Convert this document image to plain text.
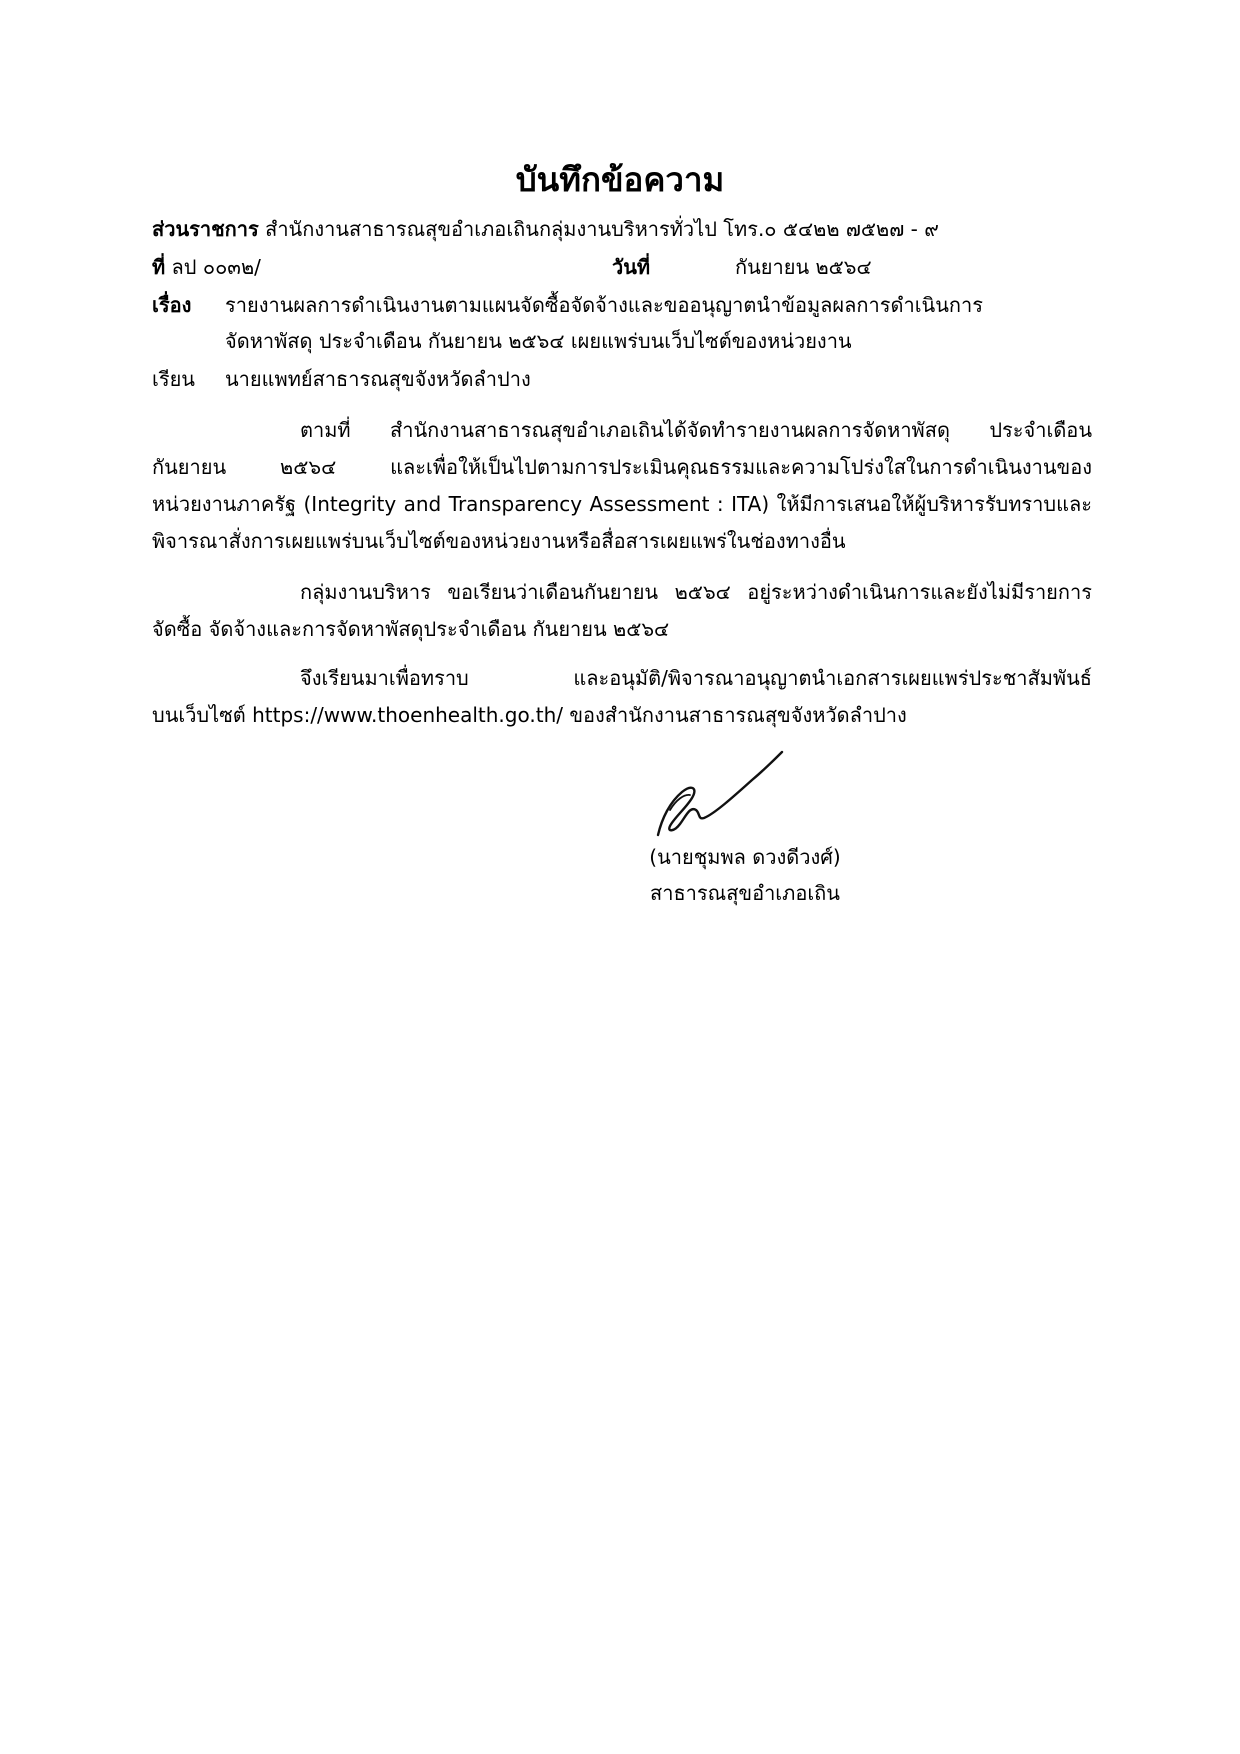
บันทึกข้อความ
ส่วนราชการ สำนักงานสาธารณสุขอำเภอเถินกลุ่มงานบริหารทั่วไป โทร.๐ ๕๔๒๒ ๗๕๒๗ - ๙
ที่ ลป ๐๐๓๒/	วันที่	กันยายน ๒๕๖๔
เรื่อง รายงานผลการดำเนินงานตามแผนจัดซื้อจัดจ้างและขออนุญาตนำข้อมูลผลการดำเนินการ
จัดหาพัสดุ ประจำเดือน กันยายน ๒๕๖๔ เผยแพร่บนเว็บไซต์ของหน่วยงาน
เรียน นายแพทย์สาธารณสุขจังหวัดลำปาง
ตามที่ สำนักงานสาธารณสุขอำเภอเถินได้จัดทำรายงานผลการจัดหาพัสดุ ประจำเดือน
กันยายน ๒๕๖๔ และเพื่อให้เป็นไปตามการประเมินคุณธรรมและความโปร่งใสในการดำเนินงานของ
หน่วยงานภาครัฐ (Integrity and Transparency Assessment : ITA) ให้มีการเสนอให้ผู้บริหารรับทราบและ
พิจารณาสั่งการเผยแพร่บนเว็บไซต์ของหน่วยงานหรือสื่อสารเผยแพร่ในช่องทางอื่น
กลุ่มงานบริหาร ขอเรียนว่าเดือนกันยายน ๒๕๖๔ อยู่ระหว่างดำเนินการและยังไม่มีรายการ
จัดซื้อ จัดจ้างและการจัดหาพัสดุประจำเดือน กันยายน ๒๕๖๔
จึงเรียนมาเพื่อทราบ และอนุมัติ/พิจารณาอนุญาตนำเอกสารเผยแพร่ประชาสัมพันธ์
บนเว็บไซต์ https://www.thoenhealth.go.th/ ของสำนักงานสาธารณสุขจังหวัดลำปาง
(นายชุมพล ดวงดีวงศ์)
สาธารณสุขอำเภอเถิน
